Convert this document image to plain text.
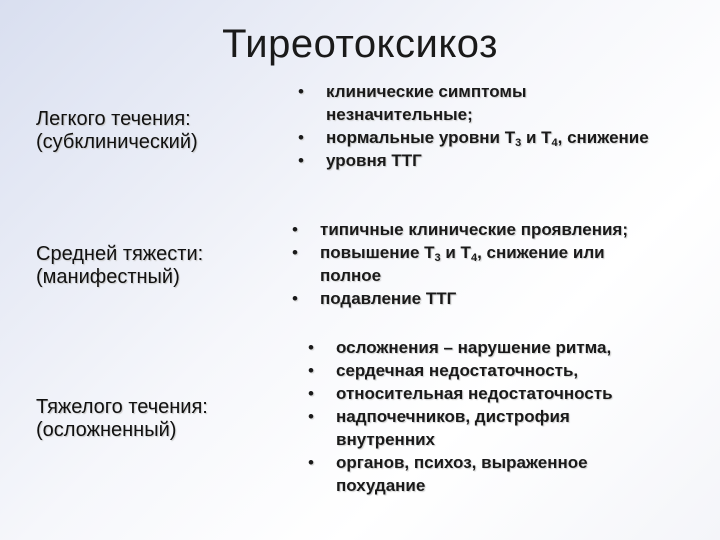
Тиреотоксикоз
Легкого течения:
(субклинический)
Средней тяжести:
(манифестный)
Тяжелого течения:
(осложненный)
• клинические симптомы
незначительные;
• нормальные уровни $Т_3$ и $Т_4$, снижение
• уровня ТТГ
• типичные клинические проявления;
• повышение $Т_3$ и $Т_4$, снижение или
полное
• подавление ТТГ
• осложнения – нарушение ритма,
• сердечная недостаточность,
• относительная недостаточность
• надпочечников, дистрофия
внутренних
• органов, психоз, выраженное
похудание
